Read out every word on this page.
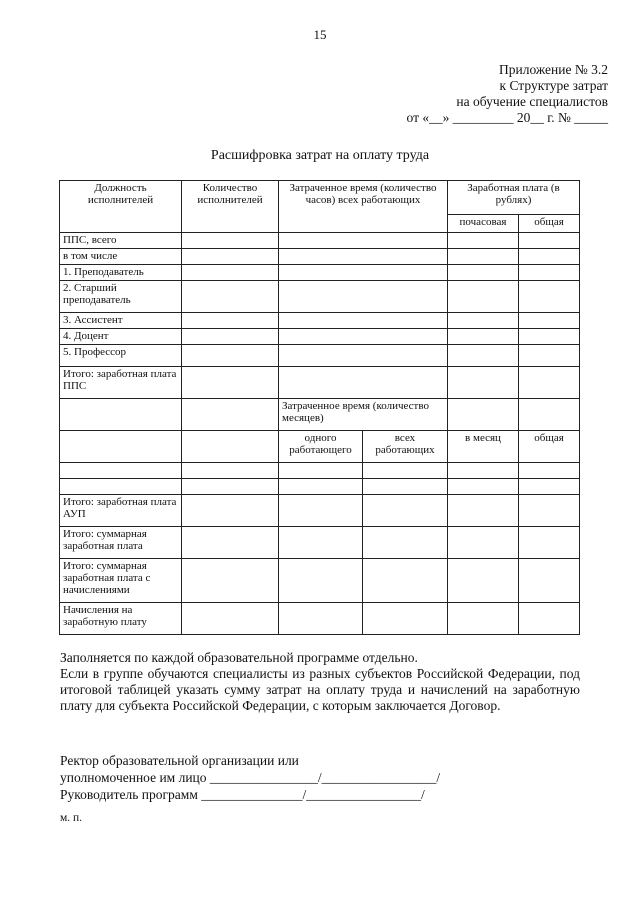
15
Приложение № 3.2
к Структуре затрат
на обучение специалистов
от «__» _________ 20__ г. № _____
Расшифровка затрат на оплату труда
Должность исполнителей	Количество исполнителей	Затраченное время (количество часов) всех работающих		Заработная плата (в рублях)	
				почасовая	общая
ППС, всего					
в том числе					
1. Преподаватель					
2. Старший преподаватель					
3. Ассистент					
4. Доцент					
5. Профессор					
Итого: заработная плата ППС					
		Затраченное время (количество месяцев)			
		одного работающего	всех работающих	в месяц	общая

Итого: заработная плата АУП					
Итого: суммарная заработная плата					
Итого: суммарная заработная плата с начислениями					
Начисления на заработную плату					

Заполняется по каждой образовательной программе отдельно.

Если в группе обучаются специалисты из разных субъектов Российской Федерации, под итоговой таблицей указать сумму затрат на оплату труда и начислений на заработную плату для субъекта Российской Федерации, с которым заключается Договор.

Ректор образовательной организации или
уполномоченное им лицо ________________/_________________/
Руководитель программ _______________/_________________/
м. п.
